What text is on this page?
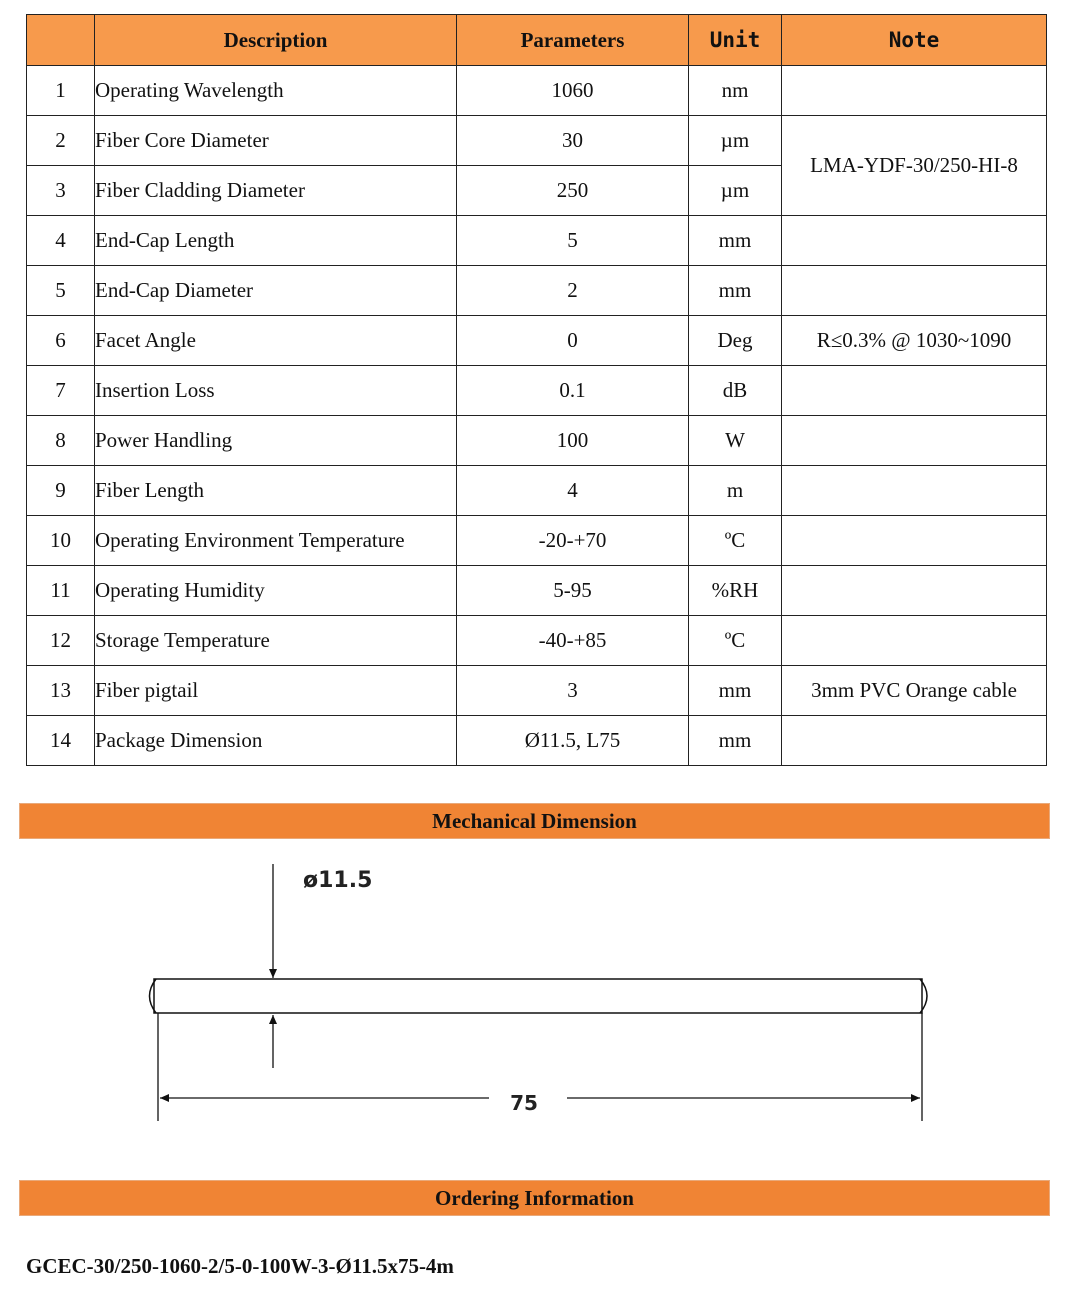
	Description	Parameters	Unit	Note
1	Operating Wavelength	1060	nm	
2	Fiber Core Diameter	30	µm	LMA-YDF-30/250-HI-8
3	Fiber Cladding Diameter	250	µm	
4	End-Cap Length	5	mm	
5	End-Cap Diameter	2	mm	
6	Facet Angle	0	Deg	R≤0.3% @ 1030~1090
7	Insertion Loss	0.1	dB	
8	Power Handling	100	W	
9	Fiber Length	4	m	
10	Operating Environment Temperature	-20-+70	ºC	
11	Operating Humidity	5-95	%RH	
12	Storage Temperature	-40-+85	ºC	
13	Fiber pigtail	3	mm	3mm PVC Orange cable
14	Package Dimension	Ø11.5, L75	mm	
Mechanical Dimension
ø11.5
75
Ordering Information
GCEC-30/250-1060-2/5-0-100W-3-Ø11.5x75-4m
